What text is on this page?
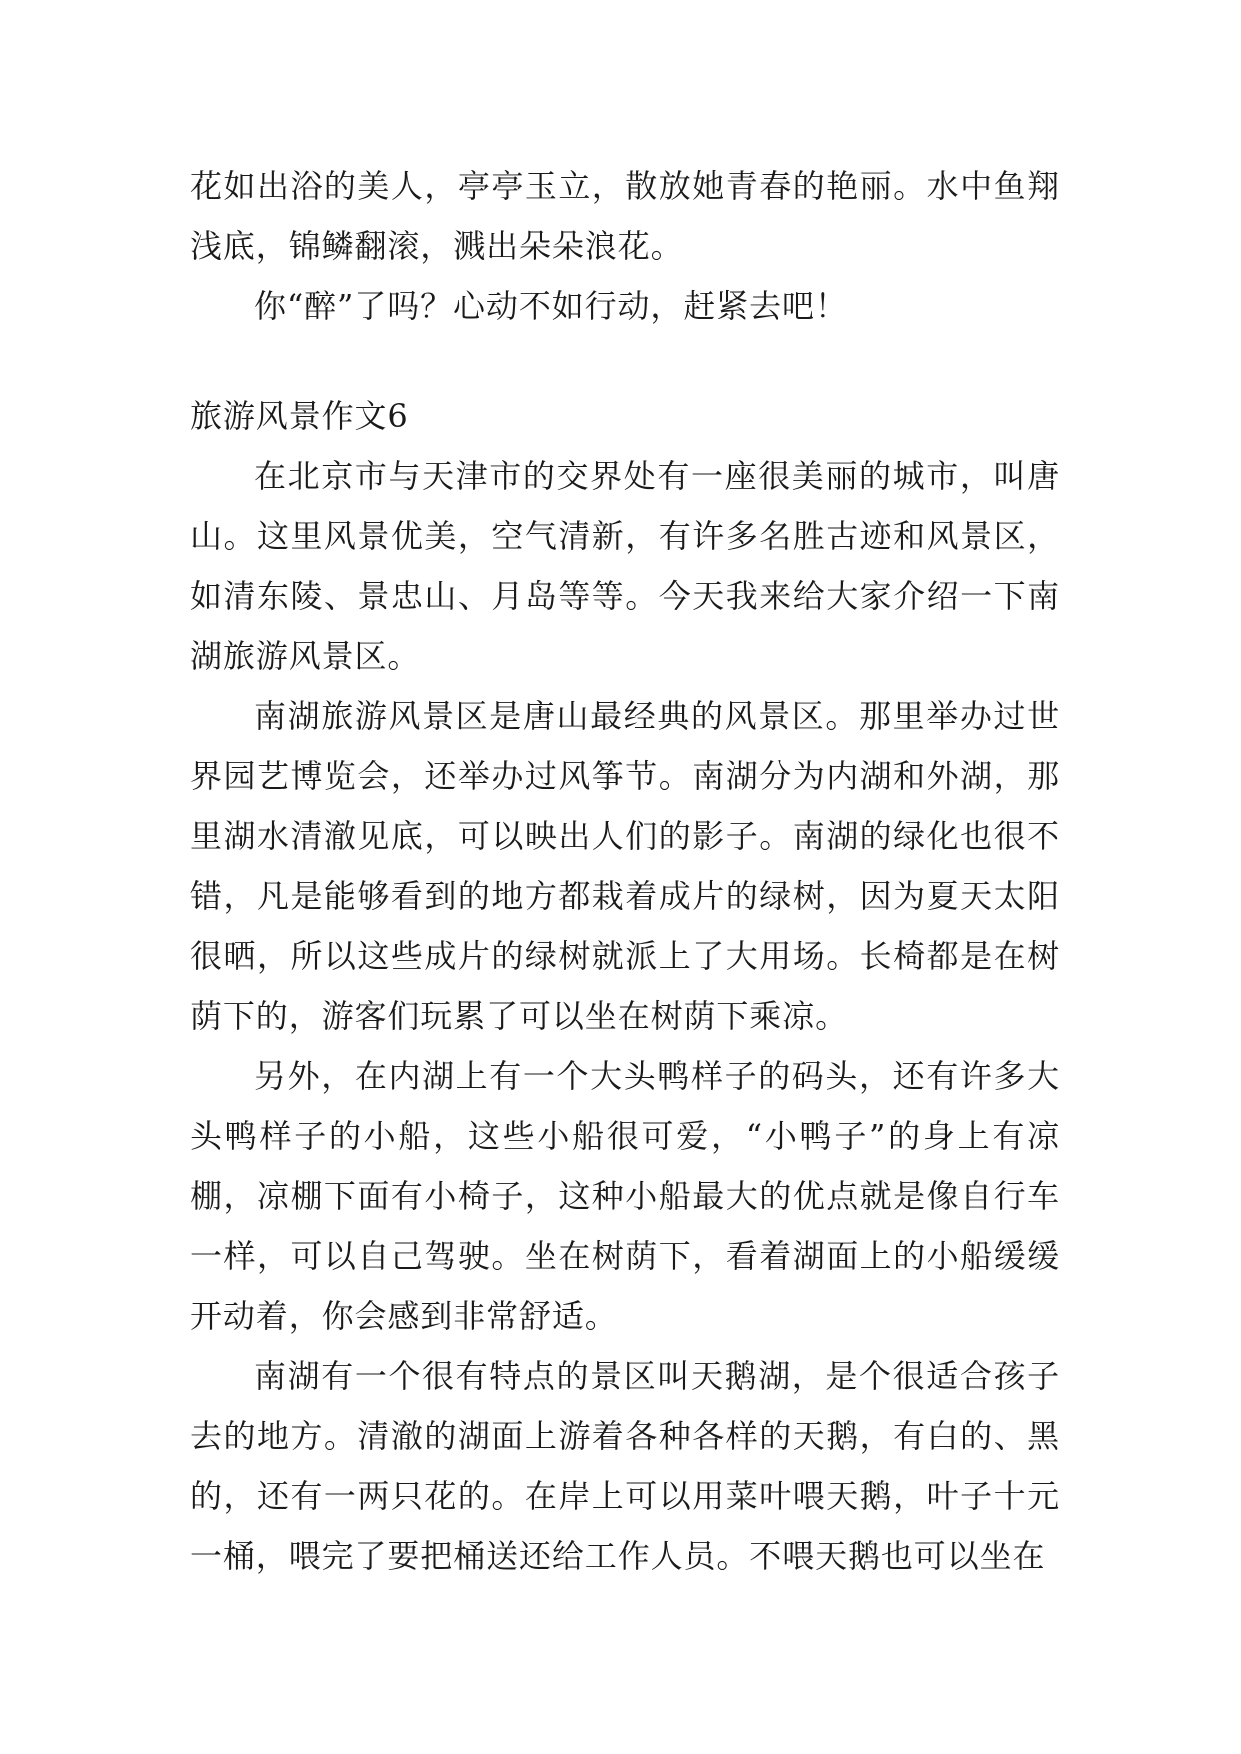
花如出浴的美人，亭亭玉立，散放她青春的艳丽。水中鱼翔浅底，锦鳞翻滚，溅出朵朵浪花。

你“醉”了吗？心动不如行动，赶紧去吧！

旅游风景作文6

在北京市与天津市的交界处有一座很美丽的城市，叫唐山。这里风景优美，空气清新，有许多名胜古迹和风景区，如清东陵、景忠山、月岛等等。今天我来给大家介绍一下南湖旅游风景区。

南湖旅游风景区是唐山最经典的风景区。那里举办过世界园艺博览会，还举办过风筝节。南湖分为内湖和外湖，那里湖水清澈见底，可以映出人们的影子。南湖的绿化也很不错，凡是能够看到的地方都栽着成片的绿树，因为夏天太阳很晒，所以这些成片的绿树就派上了大用场。长椅都是在树荫下的，游客们玩累了可以坐在树荫下乘凉。

另外，在内湖上有一个大头鸭样子的码头，还有许多大头鸭样子的小船，这些小船很可爱，“小鸭子”的身上有凉棚，凉棚下面有小椅子，这种小船最大的优点就是像自行车一样，可以自己驾驶。坐在树荫下，看着湖面上的小船缓缓开动着，你会感到非常舒适。

南湖有一个很有特点的景区叫天鹅湖，是个很适合孩子去的地方。清澈的湖面上游着各种各样的天鹅，有白的、黑的，还有一两只花的。在岸上可以用菜叶喂天鹅，叶子十元一桶，喂完了要把桶送还给工作人员。不喂天鹅也可以坐在
